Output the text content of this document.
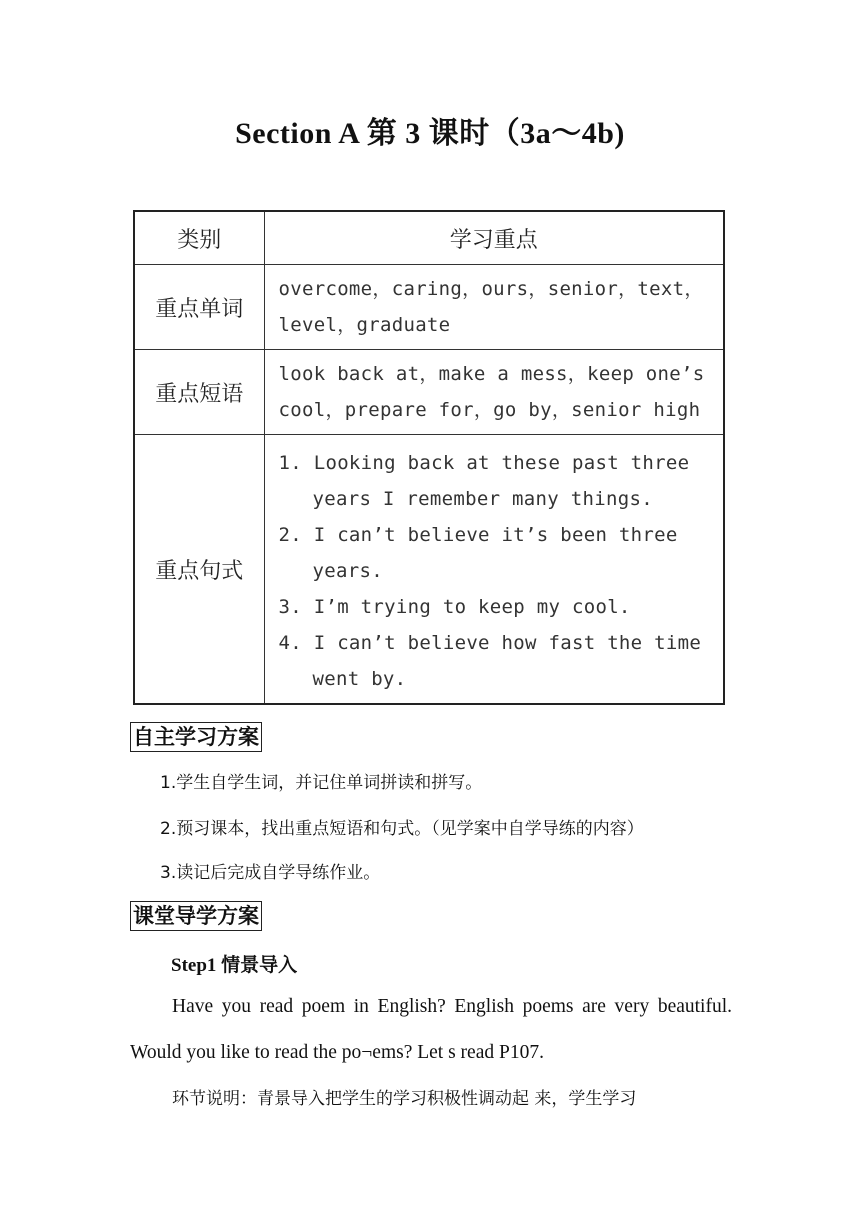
Section A 第 3 课时（3a～4b)
类别	学习重点
重点单词	overcome，caring，ours，senior，text，
level，graduate

重点短语	look back at，make a mess，keep one’s
cool，prepare for，go by，senior high

重点句式	1. Looking back at these past three years I remember many things.
2. I can’t believe it’s been three years.
3. I’m trying to keep my cool.
4. I can’t believe how fast the time went by.
自主学习方案

1.学生自学生词，并记住单词拼读和拼写。

2.预习课本，找出重点短语和句式。（见学案中自学导练的内容）

3.读记后完成自学导练作业。

课堂导学方案
Step1 情景导入

Have you read poem in English? English poems are very beautiful. Would you like to read the po¬ems? Let s read P107.

环节说明：青景导入把学生的学习积极性调动起 来，学生学习
